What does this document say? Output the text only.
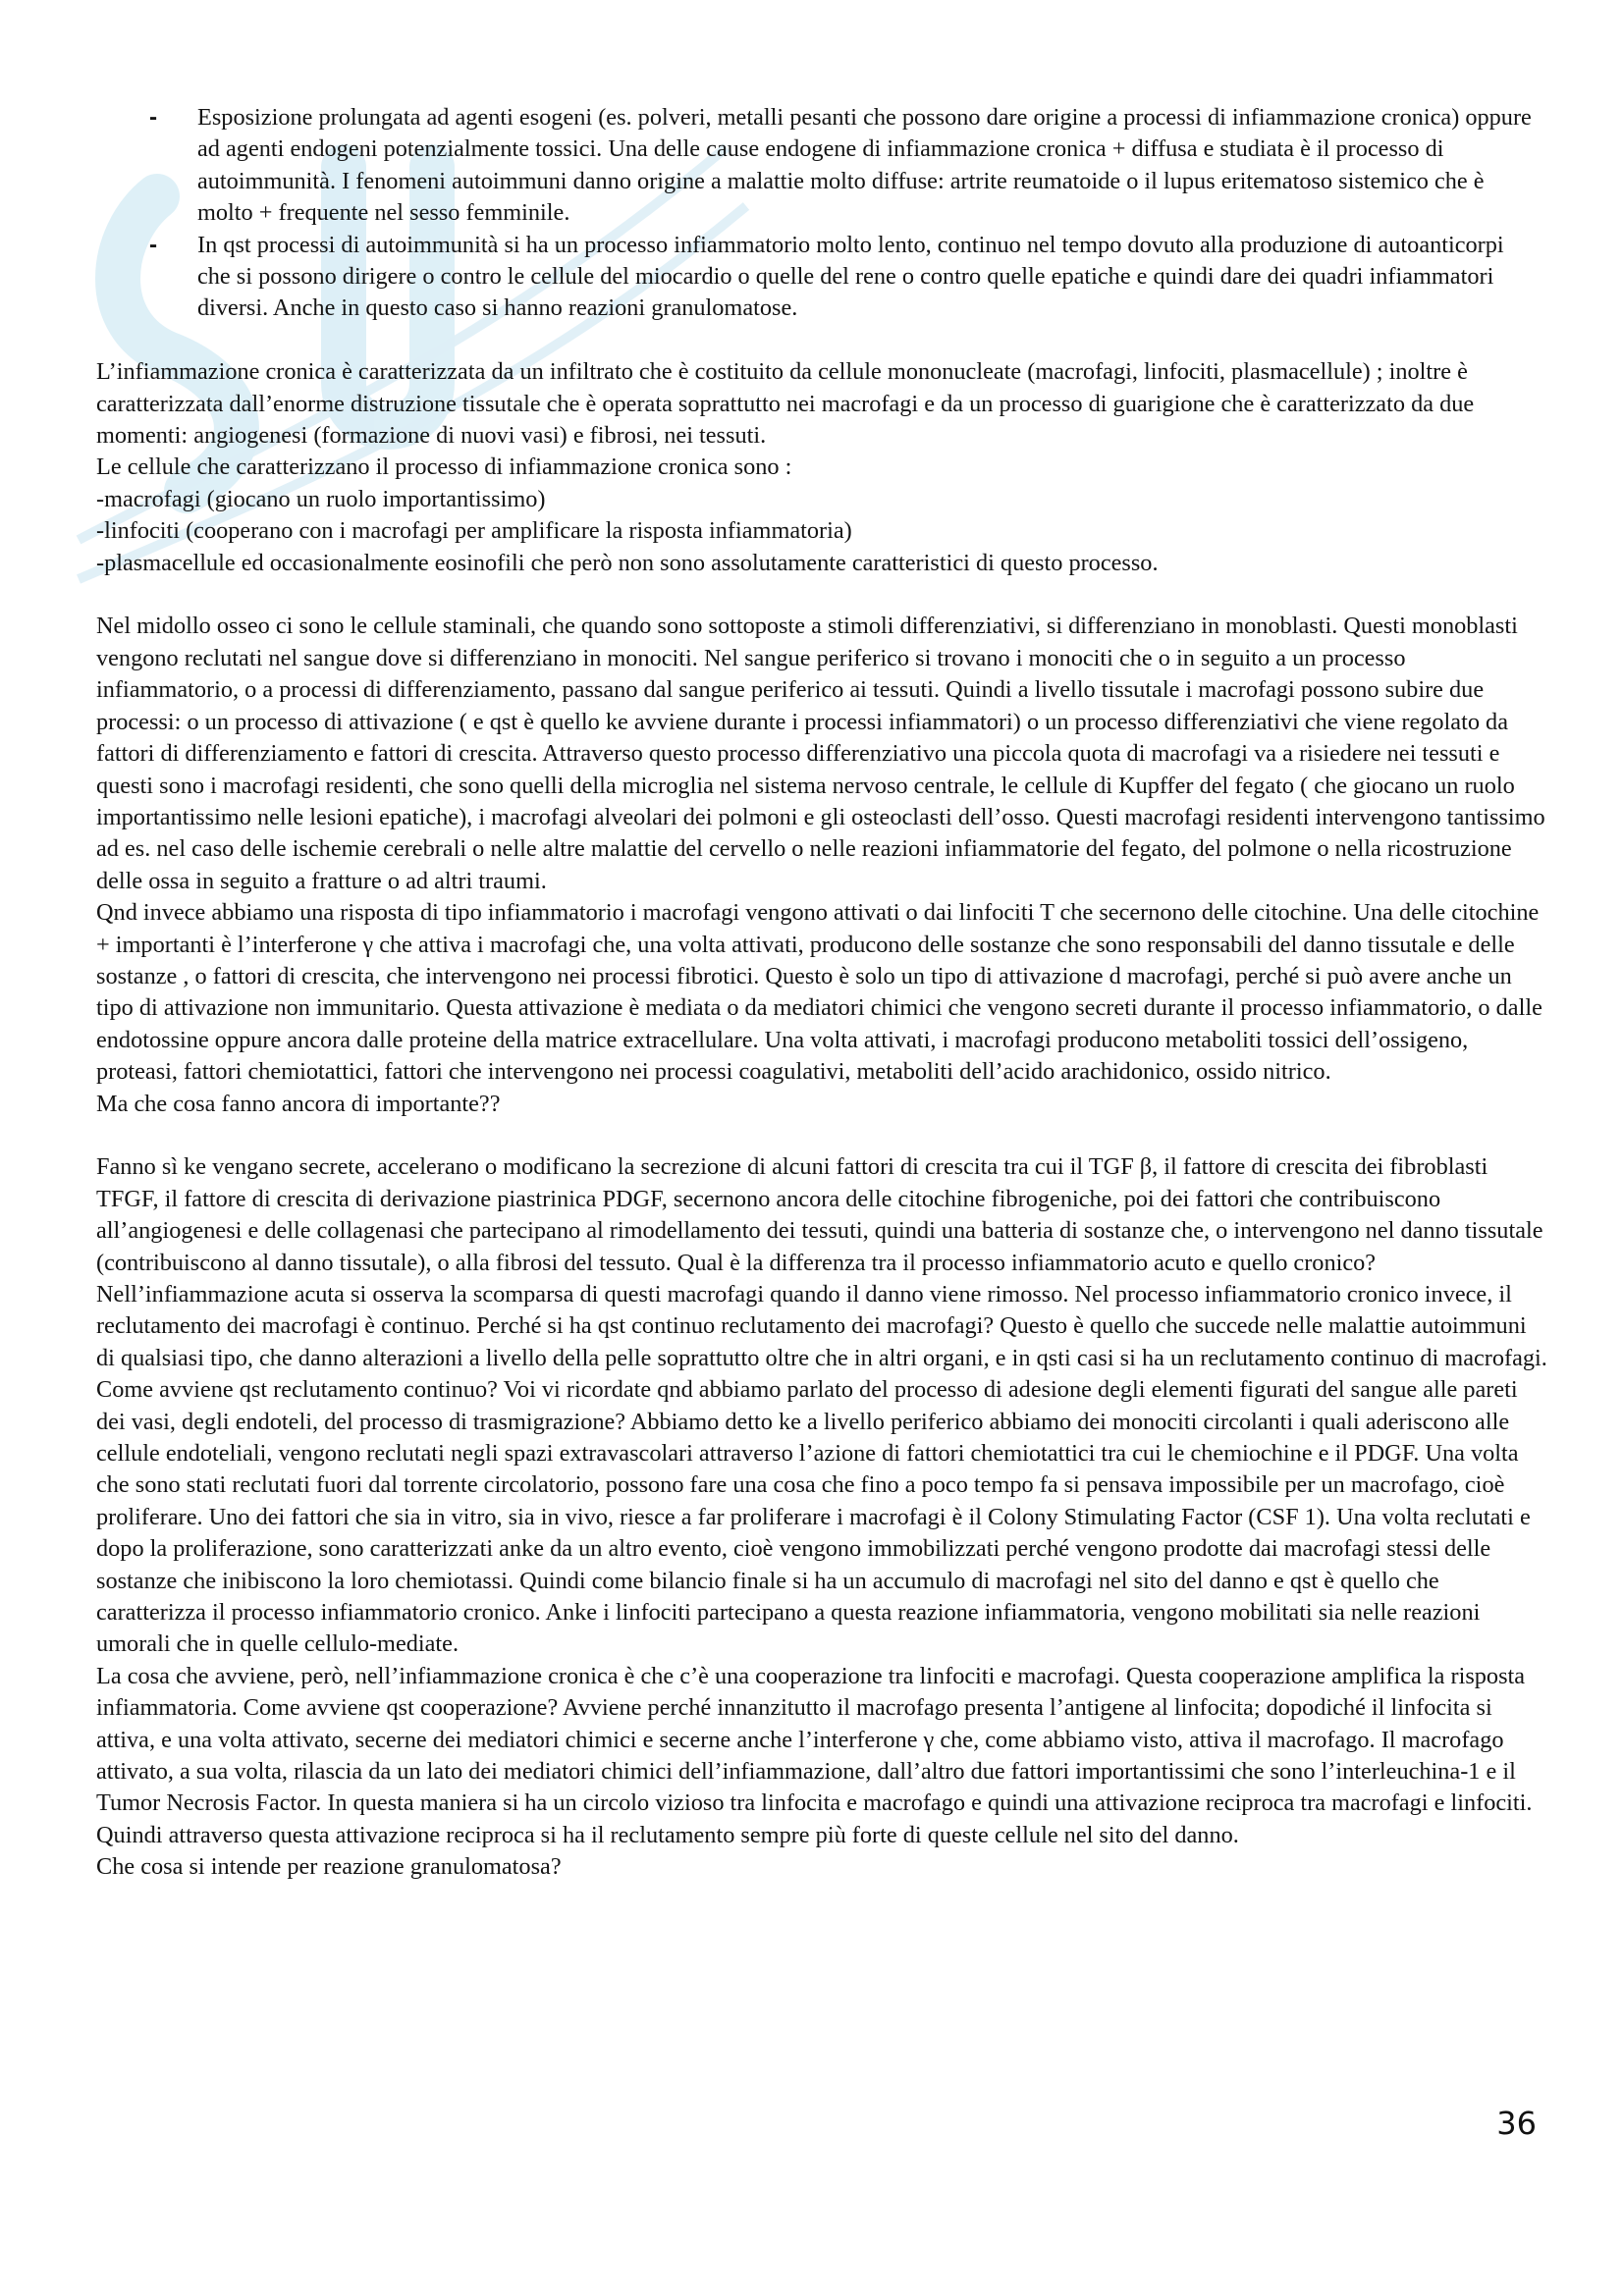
- Esposizione prolungata ad agenti esogeni (es. polveri, metalli pesanti che possono dare origine a processi di infiammazione cronica) oppure ad agenti endogeni potenzialmente tossici. Una delle cause endogene di infiammazione cronica + diffusa e studiata è il processo di autoimmunità. I fenomeni autoimmuni danno origine a malattie molto diffuse: artrite reumatoide o il lupus eritematoso sistemico che è molto + frequente nel sesso femminile.
- In qst processi di autoimmunità si ha un processo infiammatorio molto lento, continuo nel tempo dovuto alla produzione di autoanticorpi che si possono dirigere o contro le cellule del miocardio o quelle del rene o contro quelle epatiche e quindi dare dei quadri infiammatori diversi. Anche in questo caso si hanno reazioni granulomatose.

L’infiammazione cronica è caratterizzata da un infiltrato che è costituito da cellule mononucleate (macrofagi, linfociti, plasmacellule) ; inoltre è caratterizzata dall’enorme distruzione tissutale che è operata soprattutto nei macrofagi e da un processo di guarigione che è caratterizzato da due momenti: angiogenesi (formazione di nuovi vasi) e fibrosi, nei tessuti.

Le cellule che caratterizzano il processo di infiammazione cronica sono :

-macrofagi (giocano un ruolo importantissimo)

-linfociti (cooperano con i macrofagi per amplificare la risposta infiammatoria)

-plasmacellule ed occasionalmente eosinofili che però non sono assolutamente caratteristici di questo processo.

Nel midollo osseo ci sono le cellule staminali, che quando sono sottoposte a stimoli differenziativi, si differenziano in monoblasti. Questi monoblasti vengono reclutati nel sangue dove si differenziano in monociti. Nel sangue periferico si trovano i monociti che o in seguito a un processo infiammatorio, o a processi di differenziamento, passano dal sangue periferico ai tessuti. Quindi a livello tissutale i macrofagi possono subire due processi: o un processo di attivazione ( e qst è quello ke avviene durante i processi infiammatori) o un processo differenziativi che viene regolato da fattori di differenziamento e fattori di crescita. Attraverso questo processo differenziativo una piccola quota di macrofagi va a risiedere nei tessuti e questi sono i macrofagi residenti, che sono quelli della microglia nel sistema nervoso centrale, le cellule di Kupffer del fegato ( che giocano un ruolo importantissimo nelle lesioni epatiche), i macrofagi alveolari dei polmoni e gli osteoclasti dell’osso. Questi macrofagi residenti intervengono tantissimo ad es. nel caso delle ischemie cerebrali o nelle altre malattie del cervello o nelle reazioni infiammatorie del fegato, del polmone o nella ricostruzione delle ossa in seguito a fratture o ad altri traumi.

Qnd invece abbiamo una risposta di tipo infiammatorio i macrofagi vengono attivati o dai linfociti T che secernono delle citochine. Una delle citochine + importanti è l’interferone γ che attiva i macrofagi che, una volta attivati, producono delle sostanze che sono responsabili del danno tissutale e delle sostanze , o fattori di crescita, che intervengono nei processi fibrotici. Questo è solo un tipo di attivazione d macrofagi, perché si può avere anche un tipo di attivazione non immunitario. Questa attivazione è mediata o da mediatori chimici che vengono secreti durante il processo infiammatorio, o dalle endotossine oppure ancora dalle proteine della matrice extracellulare. Una volta attivati, i macrofagi producono metaboliti tossici dell’ossigeno, proteasi, fattori chemiotattici, fattori che intervengono nei processi coagulativi, metaboliti dell’acido arachidonico, ossido nitrico.

Ma che cosa fanno ancora di importante??

Fanno sì ke vengano secrete, accelerano o modificano la secrezione di alcuni fattori di crescita tra cui il TGF β, il fattore di crescita dei fibroblasti TFGF, il fattore di crescita di derivazione piastrinica PDGF, secernono ancora delle citochine fibrogeniche, poi dei fattori che contribuiscono all’angiogenesi e delle collagenasi che partecipano al rimodellamento dei tessuti, quindi una batteria di sostanze che, o intervengono nel danno tissutale (contribuiscono al danno tissutale), o alla fibrosi del tessuto. Qual è la differenza tra il processo infiammatorio acuto e quello cronico?

Nell’infiammazione acuta si osserva la scomparsa di questi macrofagi quando il danno viene rimosso. Nel processo infiammatorio cronico invece, il reclutamento dei macrofagi è continuo. Perché si ha qst continuo reclutamento dei macrofagi? Questo è quello che succede nelle malattie autoimmuni di qualsiasi tipo, che danno alterazioni a livello della pelle soprattutto oltre che in altri organi, e in qsti casi si ha un reclutamento continuo di macrofagi. Come avviene qst reclutamento continuo? Voi vi ricordate qnd abbiamo parlato del processo di adesione degli elementi figurati del sangue alle pareti dei vasi, degli endoteli, del processo di trasmigrazione? Abbiamo detto ke a livello periferico abbiamo dei monociti circolanti i quali aderiscono alle cellule endoteliali, vengono reclutati negli spazi extravascolari attraverso l’azione di fattori chemiotattici tra cui le chemiochine e il PDGF. Una volta che sono stati reclutati fuori dal torrente circolatorio, possono fare una cosa che fino a poco tempo fa si pensava impossibile per un macrofago, cioè proliferare. Uno dei fattori che sia in vitro, sia in vivo, riesce a far proliferare i macrofagi è il Colony Stimulating Factor (CSF 1). Una volta reclutati e dopo la proliferazione, sono caratterizzati anke da un altro evento, cioè vengono immobilizzati perché vengono prodotte dai macrofagi stessi delle sostanze che inibiscono la loro chemiotassi. Quindi come bilancio finale si ha un accumulo di macrofagi nel sito del danno e qst è quello che caratterizza il processo infiammatorio cronico. Anke i linfociti partecipano a questa reazione infiammatoria, vengono mobilitati sia nelle reazioni umorali che in quelle cellulo-mediate.

La cosa che avviene, però, nell’infiammazione cronica è che c’è una cooperazione tra linfociti e macrofagi. Questa cooperazione amplifica la risposta infiammatoria. Come avviene qst cooperazione? Avviene perché innanzitutto il macrofago presenta l’antigene al linfocita; dopodiché il linfocita si attiva, e una volta attivato, secerne dei mediatori chimici e secerne anche l’interferone γ che, come abbiamo visto, attiva il macrofago. Il macrofago attivato, a sua volta, rilascia da un lato dei mediatori chimici dell’infiammazione, dall’altro due fattori importantissimi che sono l’interleuchina-1 e il Tumor Necrosis Factor. In questa maniera si ha un circolo vizioso tra linfocita e macrofago e quindi una attivazione reciproca tra macrofagi e linfociti. Quindi attraverso questa attivazione reciproca si ha il reclutamento sempre più forte di queste cellule nel sito del danno.

Che cosa si intende per reazione granulomatosa?

36
